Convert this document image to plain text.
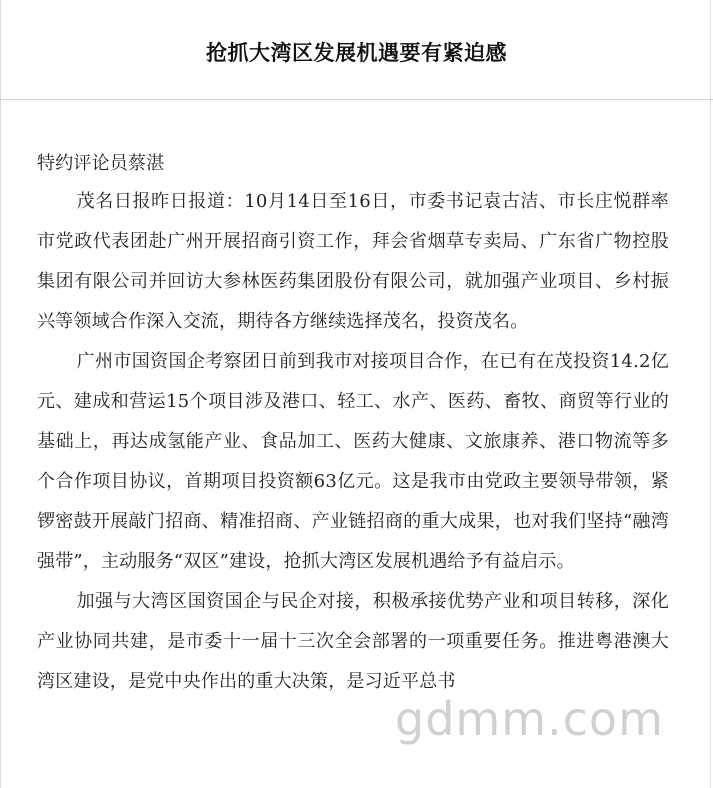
抢抓大湾区发展机遇要有紧迫感

特约评论员蔡湛

茂名日报昨日报道：10月14日至16日，市委书记袁古洁、市长庄悦群率市党政代表团赴广州开展招商引资工作，拜会省烟草专卖局、广东省广物控股集团有限公司并回访大参林医药集团股份有限公司，就加强产业项目、乡村振兴等领域合作深入交流，期待各方继续选择茂名，投资茂名。

广州市国资国企考察团日前到我市对接项目合作，在已有在茂投资14.2亿元、建成和营运15个项目涉及港口、轻工、水产、医药、畜牧、商贸等行业的基础上，再达成氢能产业、食品加工、医药大健康、文旅康养、港口物流等多个合作项目协议，首期项目投资额63亿元。这是我市由党政主要领导带领，紧锣密鼓开展敲门招商、精准招商、产业链招商的重大成果，也对我们坚持“融湾强带”，主动服务“双区”建设，抢抓大湾区发展机遇给予有益启示。

加强与大湾区国资国企与民企对接，积极承接优势产业和项目转移，深化产业协同共建，是市委十一届十三次全会部署的一项重要任务。推进粤港澳大湾区建设，是党中央作出的重大决策，是习近平总书

gdmm.com
